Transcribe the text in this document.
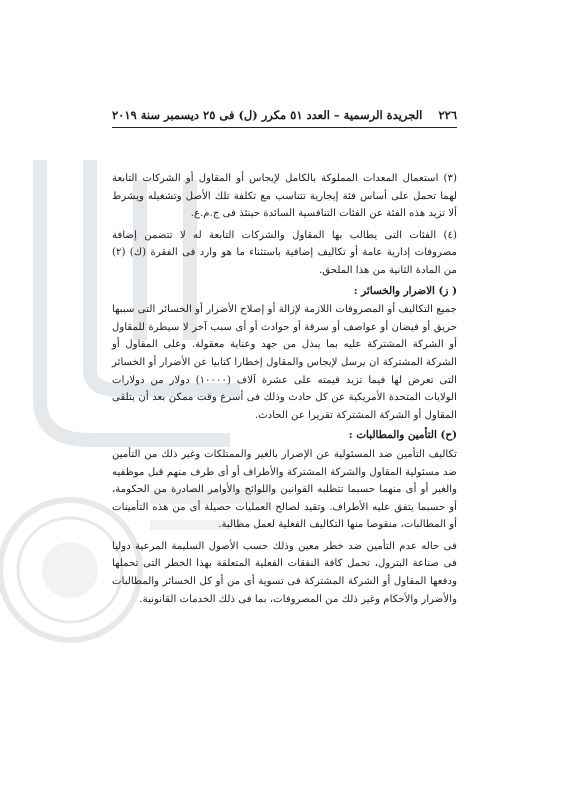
٢٢٦
الجريدة الرسمية – العدد ٥١ مكرر (ل) فى ٢٥ ديسمبر سنة ٢٠١٩

(٣) استعمال المعدات المملوكة بالكامل لإيجاس أو المقاول أو الشركات التابعة لهما تحمل على أساس فئة إيجارية تتناسب مع تكلفة تلك الأصل وتشغيله ويشرط ألا تزيد هذه الفئة عن الفئات التنافسية السائدة حينئذ فى ج.م.ع.

(٤) الفئات التى يطالب بها المقاول والشركات التابعة له لا تتضمن إضافة مصروفات إدارية عامة أو تكاليف إضافية باستثناء ما هو وارد فى الفقرة (ك) (٢) من المادة الثانية من هذا الملحق.

( ز) الاضرار والخسائر :

جميع التكاليف أو المصروفات اللازمة لإزالة أو إصلاح الأضرار أو الخسائر التى سببها حريق أو فيضان أو عواصف أو سرقة أو حوادث أو أى سبب آخر لا سيطرة للمقاول أو الشركة المشتركة عليه بما يبذل من جهد وعناية معقولة. وعلى المقاول أو الشركة المشتركة ان يرسل لإيجاس والمقاول إخطارا كتابيا عن الأضرار أو الخسائر التى تعرض لها فيما تزيد قيمته على عشرة آلاف (١٠٠٠٠) دولار من دولارات الولايات المتحدة الأمريكية عن كل حادث وذلك فى أسرع وقت ممكن بعد أن يتلقى المقاول أو الشركة المشتركة تقريرا عن الحادث.

(ح) التأمين والمطالبات :

تكاليف التأمين ضد المسئولية عن الإضرار بالغير والممتلكات وغير ذلك من التأمين ضد مسئولية المقاول والشركة المشتركة والأطراف أو أى طرف منهم قبل موظفيه والغير أو أى منهما حسبما تتطلبه القوانين واللوائح والأوامر الصادرة من الحكومة، أو حسبما يتفق عليه الأطراف. وتقيد لصالح العمليات حصيلة أى من هذه التأمينات أو المطالبات، منقوصا منها التكاليف الفعلية لعمل مطالبة.

فى حاله عدم التأمين ضد خطر معين وذلك حسب الأصول السليمة المرعية دوليا فى صناعة البترول، تحمل كافة النفقات الفعلية المتعلقة بهذا الخطر التى تحملها ودفعها المقاول أو الشركة المشتركة فى تسوية أى من أو كل الخسائر والمطالبات والأضرار والأحكام وغير ذلك من المصروفات، بما فى ذلك الخدمات القانونية.
